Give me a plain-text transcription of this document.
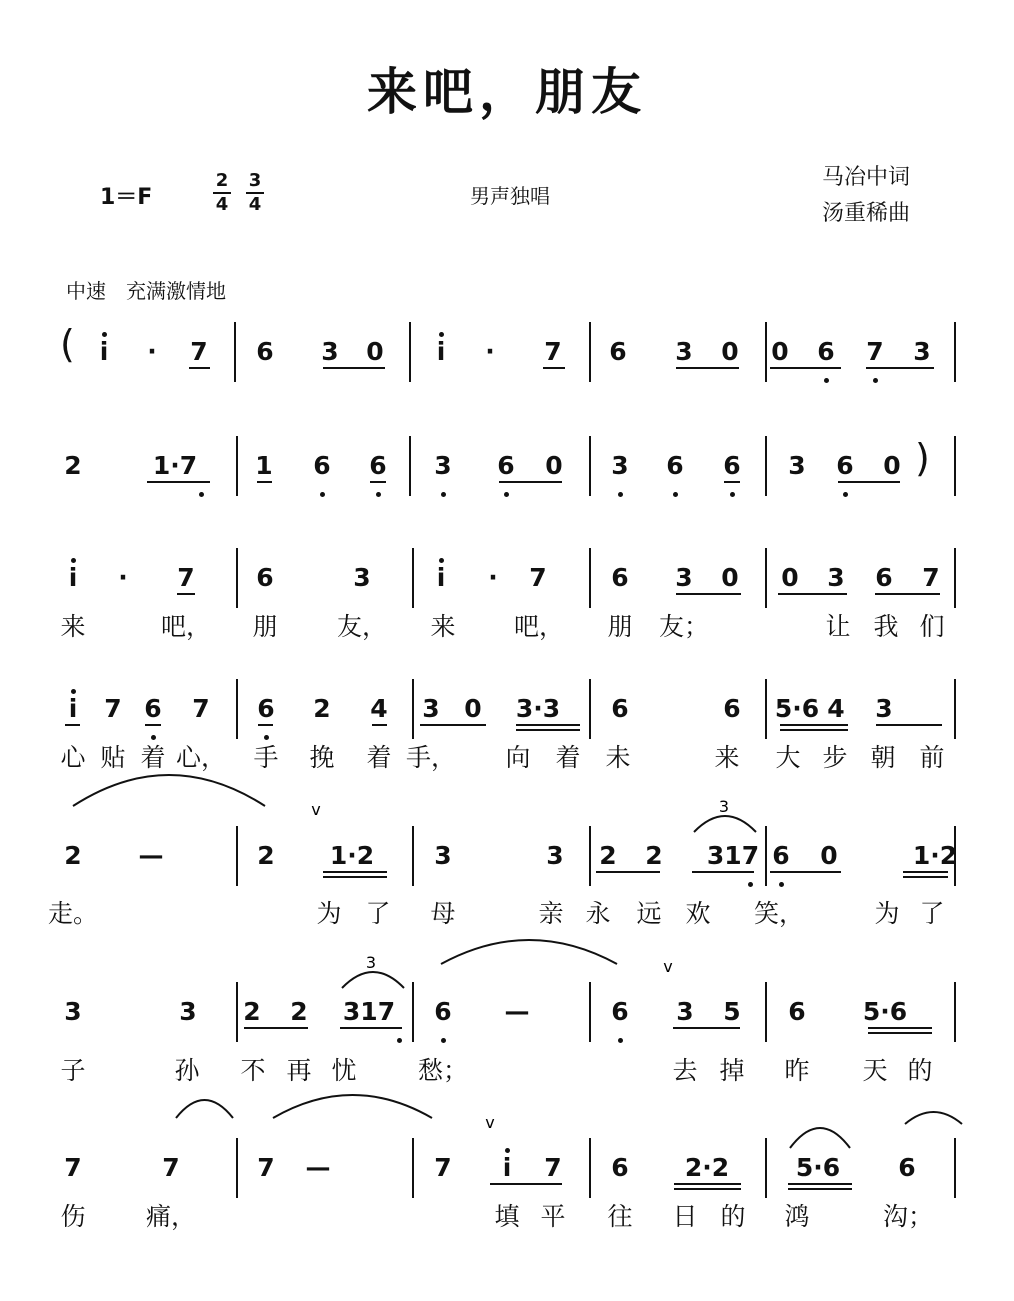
来吧，朋友
1＝F
2
4
3
4	男声独唱
马冶中词
汤重稀曲
中速　充满激情地
i · 7 6 3 0 i · 7 6 3 0 0 6 7 3
2	1·7 1 6 6 3 6 0 3 6 6 3 6 0
i · 7 6	3	i · 7	6 3 0 0 3 6 7
来	吧， 朋 友， 来 吧， 朋 友；	让 我 们
i 7 6 7 6 2 4 3 0 3·3 6	6 5·6 4 3
心 贴 着 心， 手 挽 着 手， 向 着 未	来 大 步 朝 前
2 —	2 1·2 3	3 2 2 317 6 0	1·2
走。	为 了 母	亲 永 远 欢 笑，	为 了
3	3 2 2 317 6 —	6 3 5 6 5·6
子	孙 不 再 忧 愁；	去 掉 昨 天 的
7	7	7 —	7 i 7 6 2·2	5·6 6
伤 痛，	填 平 往 日 的 鸿	沟；
(
)
3
3
v
v
v
